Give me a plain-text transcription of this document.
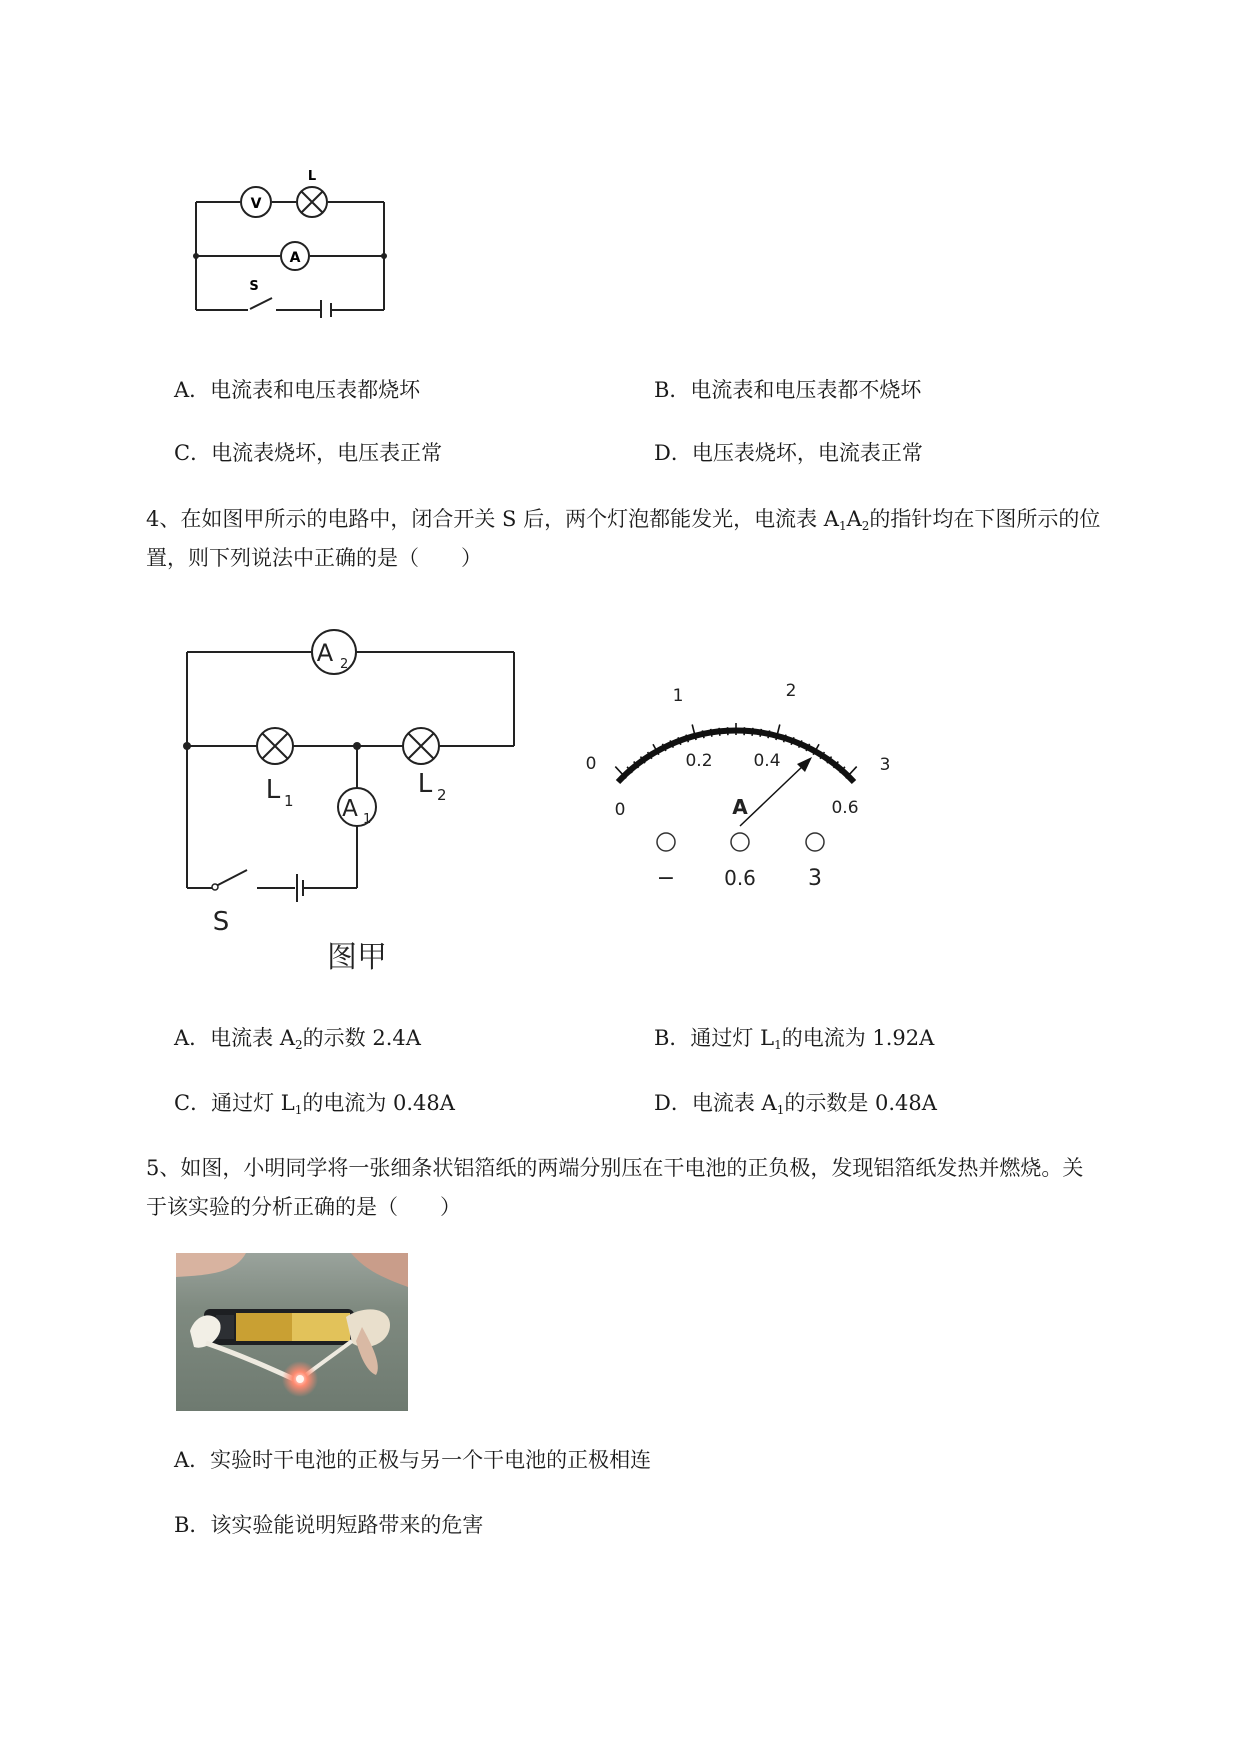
V
L
A
S
A．电流表和电压表都烧坏	B．电流表和电压表都不烧坏
C．电流表烧坏，电压表正常	D．电压表烧坏，电流表正常
4、在如图甲所示的电路中，闭合开关 S 后，两个灯泡都能发光，电流表 $A_1A_2$的指针均在下图所示的位
置，则下列说法中正确的是（　　）
A 2
A 1
L 1
L 2
S
图甲
0
1	2
3
0
0.2 0.4
0.6
A
− 0.6 3
A．电流表 $A_2$的示数 2.4A	B．通过灯 $L_1$的电流为 1.92A
C．通过灯 $L_1$的电流为 0.48A	D．电流表 $A_1$的示数是 0.48A
5、如图，小明同学将一张细条状铝箔纸的两端分别压在干电池的正负极，发现铝箔纸发热并燃烧。关
于该实验的分析正确的是（　　）
A．实验时干电池的正极与另一个干电池的正极相连
B．该实验能说明短路带来的危害
